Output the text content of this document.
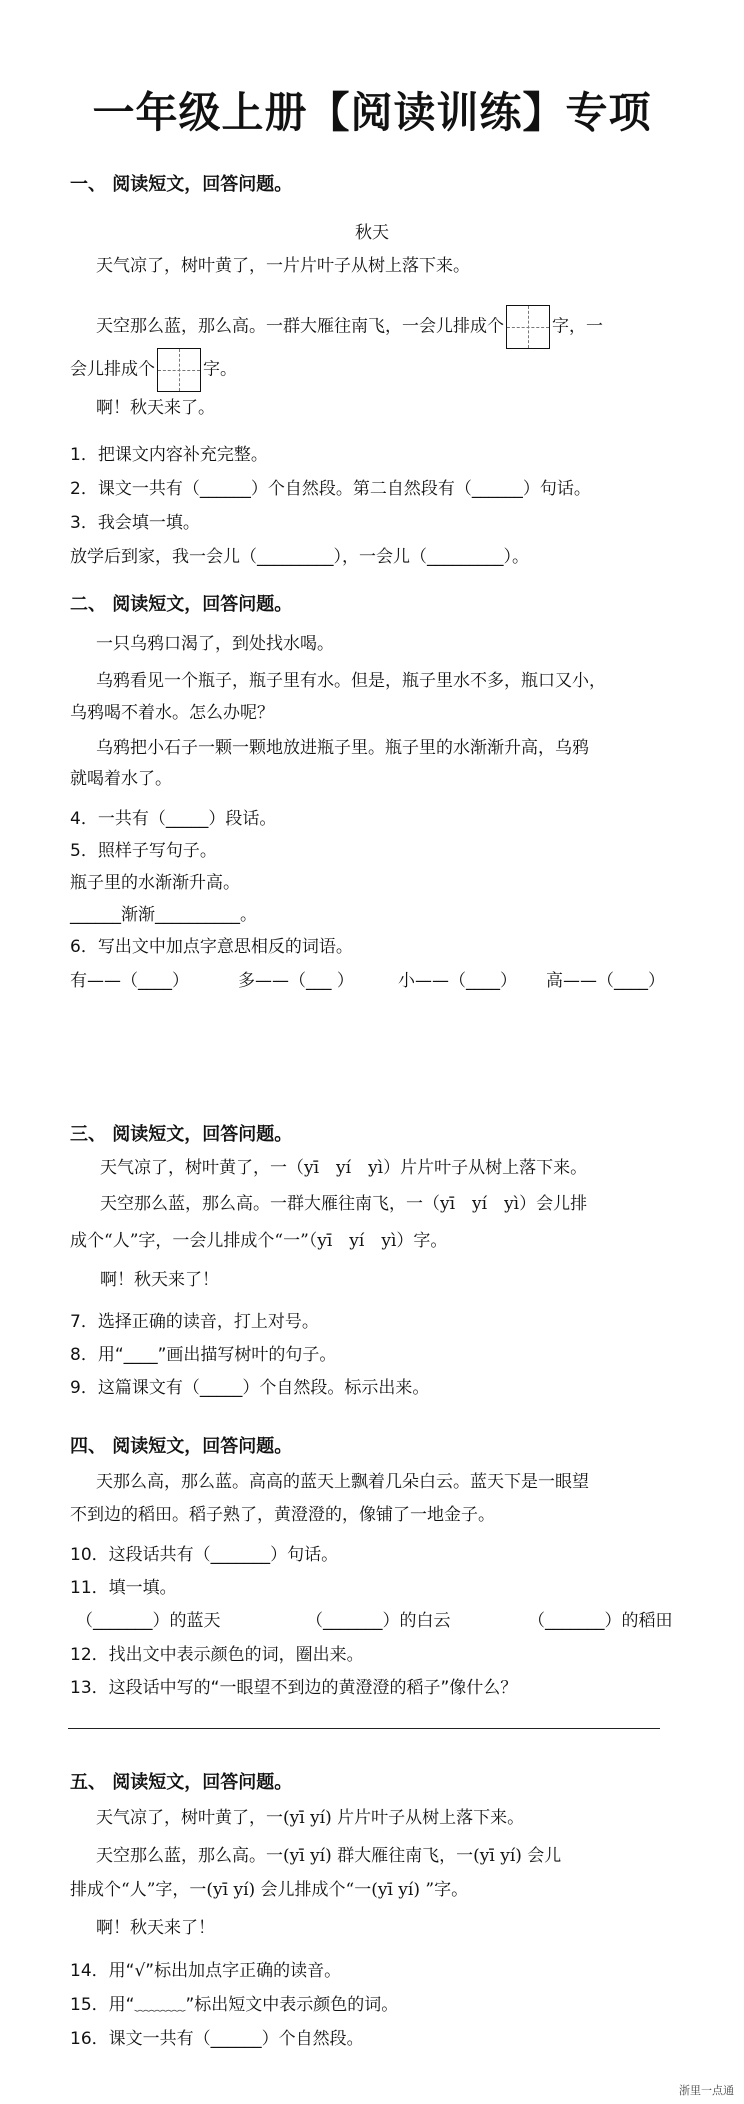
一年级上册【阅读训练】专项
一、 阅读短文，回答问题。
秋天
天气凉了，树叶黄了，一片片叶子从树上落下来。
天空那么蓝，那么高。一群大雁往南飞，一会儿排成个	字，一
会儿排成个	字。
啊！秋天来了。
1．把课文内容补充完整。
2．课文一共有（______）个自然段。第二自然段有（______）句话。
3．我会填一填。
放学后到家，我一会儿（_________），一会儿（_________）。
二、 阅读短文，回答问题。
一只乌鸦口渴了，到处找水喝。
乌鸦看见一个瓶子，瓶子里有水。但是，瓶子里水不多，瓶口又小，
乌鸦喝不着水。怎么办呢？
乌鸦把小石子一颗一颗地放进瓶子里。瓶子里的水渐渐升高，乌鸦
就喝着水了。
4．一共有（_____）段话。
5．照样子写句子。
瓶子里的水渐渐升高。
______渐渐__________。
6．写出文中加点字意思相反的词语。
有——（____）	多——（___ ）	小——（____） 高——（____）
三、 阅读短文，回答问题。
天气凉了，树叶黄了，一（yī　yí　yì）片片叶子从树上落下来。
天空那么蓝，那么高。一群大雁往南飞，一（yī　yí　yì）会儿排
成个“人”字，一会儿排成个“一”（yī　yí　yì）字。
啊！秋天来了！
7．选择正确的读音，打上对号。
8．用“____”画出描写树叶的句子。
9．这篇课文有（_____）个自然段。标示出来。
四、 阅读短文，回答问题。
天那么高，那么蓝。高高的蓝天上飘着几朵白云。蓝天下是一眼望
不到边的稻田。稻子熟了，黄澄澄的，像铺了一地金子。
10．这段话共有（_______）句话。
11．填一填。
（_______）的蓝天	（_______）的白云	（_______）的稻田
12．找出文中表示颜色的词，圈出来。
13．这段话中写的“一眼望不到边的黄澄澄的稻子”像什么？
五、 阅读短文，回答问题。
天气凉了，树叶黄了，一(yī yí) 片片叶子从树上落下来。
天空那么蓝，那么高。一(yī yí) 群大雁往南飞，一(yī yí) 会儿
排成个“人”字，一(yī yí) 会儿排成个“一(yī yí) ”字。
啊！秋天来了！
14．用“√”标出加点字正确的读音。
15．用“﹏﹏﹏”标出短文中表示颜色的词。
16．课文一共有（______）个自然段。
浙里一点通
